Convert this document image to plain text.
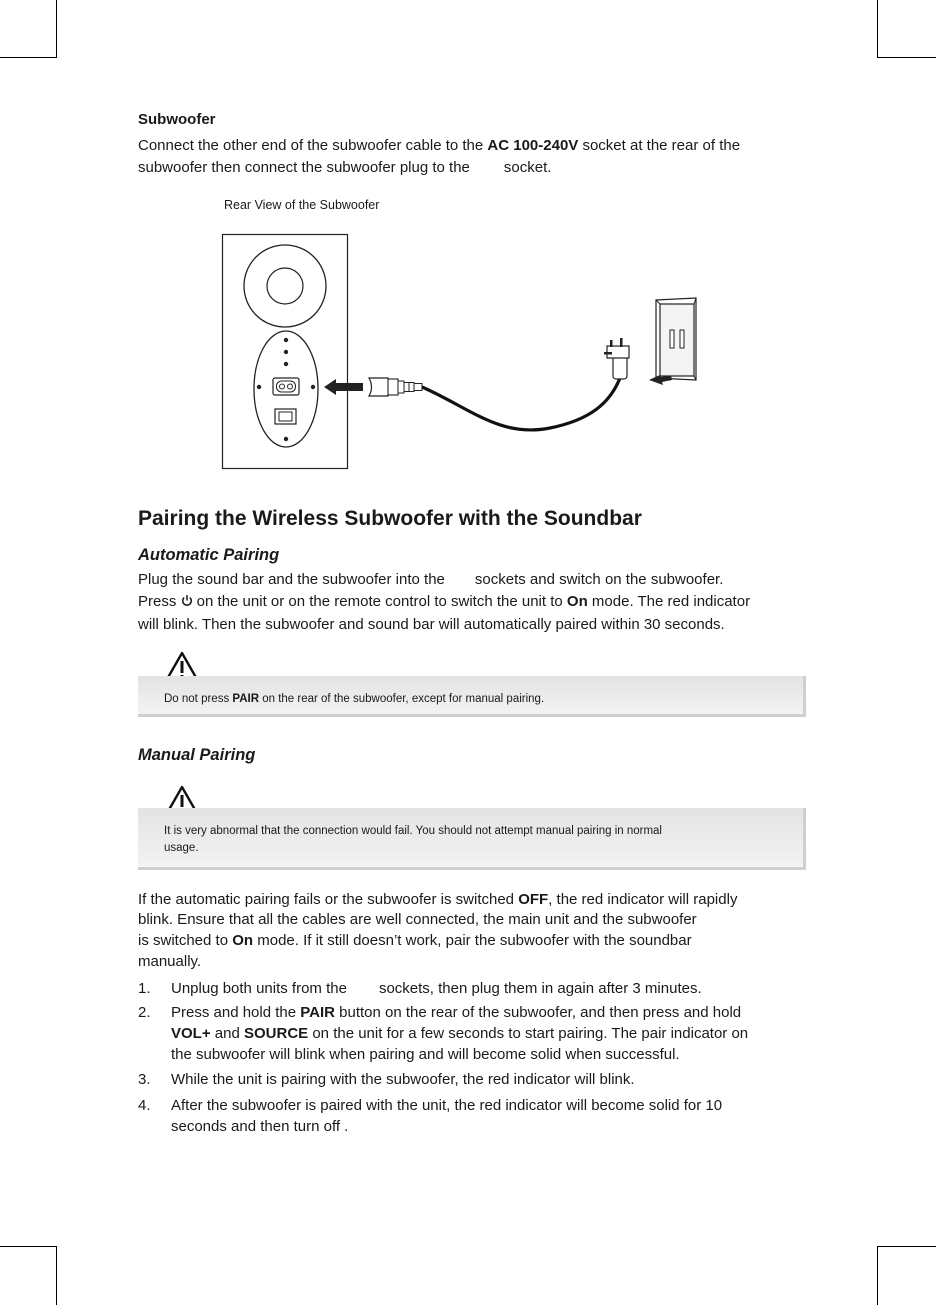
Subwoofer
Connect the other end of the subwoofer cable to the AC 100-240V socket at the rear of the
subwoofer then connect the subwoofer plug to the socket.
Rear View of the Subwoofer
Pairing the Wireless Subwoofer with the Soundbar
Automatic Pairing
Plug the sound bar and the subwoofer into the sockets and switch on the subwoofer.
Press  on the unit or on the remote control to switch the unit to On mode. The red indicator
will blink. Then the subwoofer and sound bar will automatically paired within 30 seconds.
Do not press PAIR on the rear of the subwoofer, except for manual pairing.
Manual Pairing
It is very abnormal that the connection would fail. You should not attempt manual pairing in normal
usage.
If the automatic pairing fails or the subwoofer is switched OFF, the red indicator will rapidly
blink. Ensure that all the cables are well connected, the main unit and the subwoofer
is switched to On mode. If it still doesn’t work, pair the subwoofer with the soundbar
manually.
1. Unplug both units from the sockets, then plug them in again after 3 minutes.
2. Press and hold the PAIR button on the rear of the subwoofer, and then press and hold
VOL+ and SOURCE on the unit for a few seconds to start pairing. The pair indicator on
the subwoofer will blink when pairing and will become solid when successful.
3. While the unit is pairing with the subwoofer, the red indicator will blink.
4. After the subwoofer is paired with the unit, the red indicator will become solid for 10
seconds and then turn off .
